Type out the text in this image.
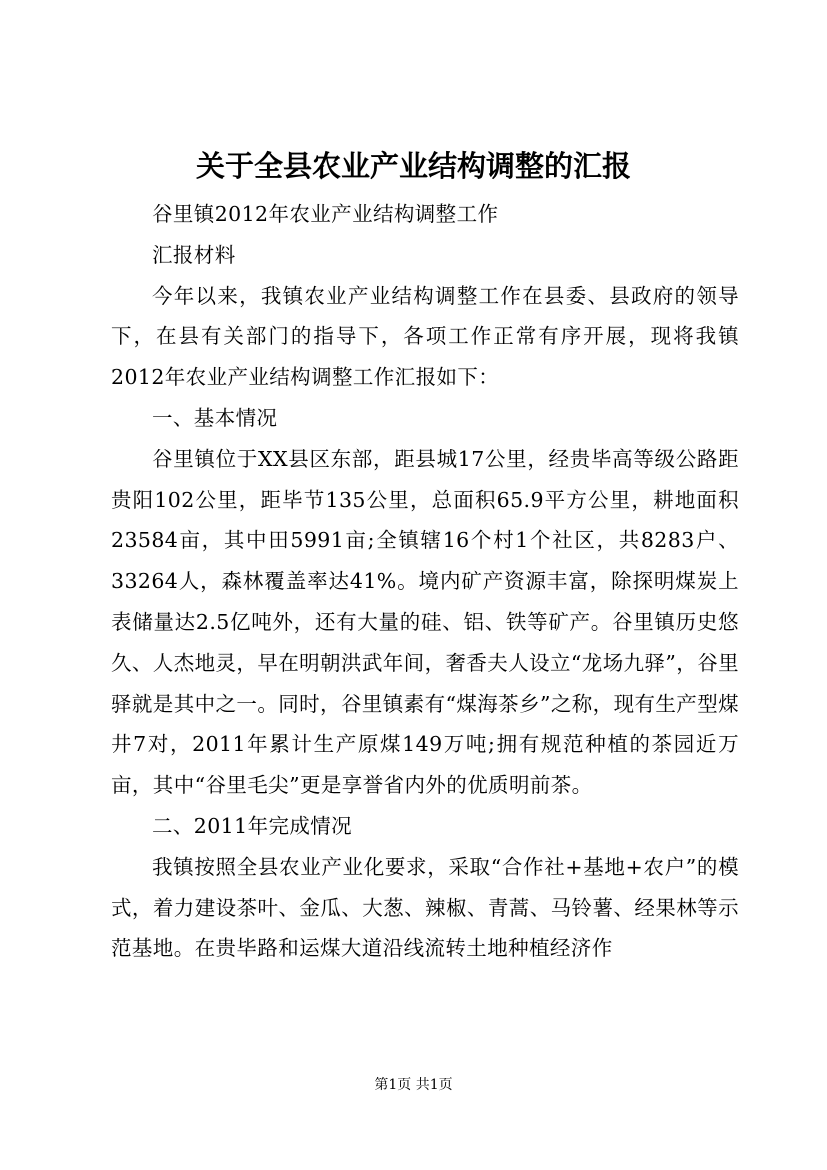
关于全县农业产业结构调整的汇报

谷里镇2012年农业产业结构调整工作

汇报材料

今年以来，我镇农业产业结构调整工作在县委、县政府的领导下，在县有关部门的指导下，各项工作正常有序开展，现将我镇2012年农业产业结构调整工作汇报如下：

一、基本情况

谷里镇位于XX县区东部，距县城17公里，经贵毕高等级公路距贵阳102公里，距毕节135公里，总面积65.9平方公里，耕地面积23584亩，其中田5991亩;全镇辖16个村1个社区，共8283户、33264人，森林覆盖率达41%。境内矿产资源丰富，除探明煤炭上表储量达2.5亿吨外，还有大量的硅、铝、铁等矿产。谷里镇历史悠久、人杰地灵，早在明朝洪武年间，奢香夫人设立“龙场九驿”，谷里驿就是其中之一。同时，谷里镇素有“煤海茶乡”之称，现有生产型煤井7对，2011年累计生产原煤149万吨;拥有规范种植的茶园近万亩，其中“谷里毛尖”更是享誉省内外的优质明前茶。

二、2011年完成情况

我镇按照全县农业产业化要求，采取“合作社+基地+农户”的模式，着力建设茶叶、金瓜、大葱、辣椒、青蒿、马铃薯、经果林等示范基地。在贵毕路和运煤大道沿线流转土地种植经济作

第1页 共1页
